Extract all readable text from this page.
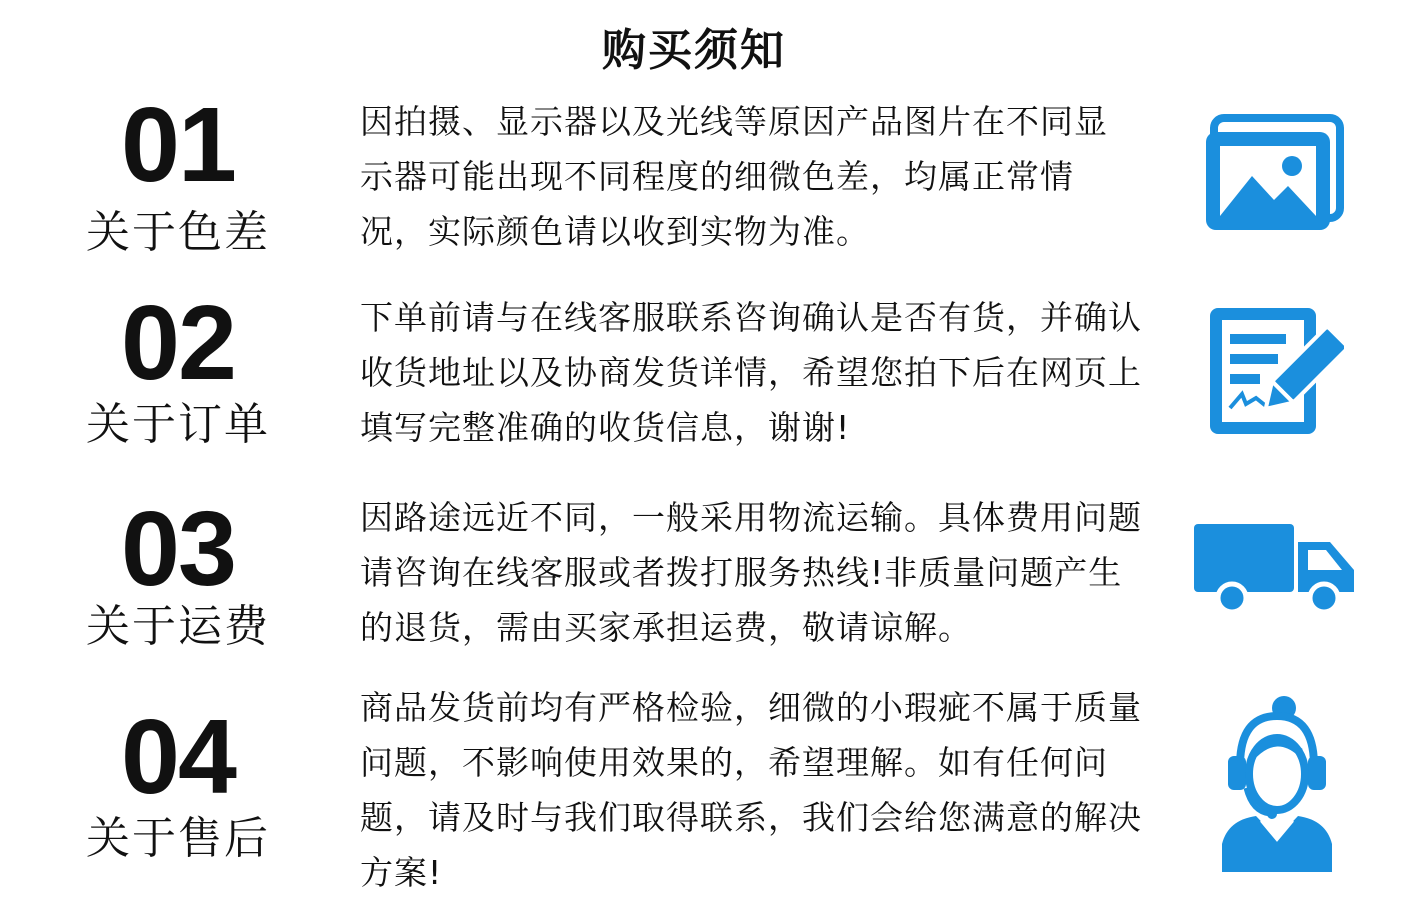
购买须知
01
关于色差
因拍摄、显示器以及光线等原因产品图片在不同显示器可能出现不同程度的细微色差，均属正常情况，实际颜色请以收到实物为准。
02
关于订单
下单前请与在线客服联系咨询确认是否有货，并确认收货地址以及协商发货详情，希望您拍下后在网页上填写完整准确的收货信息，谢谢!
03
关于运费
因路途远近不同，一般采用物流运输。具体费用问题请咨询在线客服或者拨打服务热线!非质量问题产生的退货，需由买家承担运费，敬请谅解。
04
关于售后
商品发货前均有严格检验，细微的小瑕疵不属于质量问题，不影响使用效果的，希望理解。如有任何问题，请及时与我们取得联系，我们会给您满意的解决方案!
